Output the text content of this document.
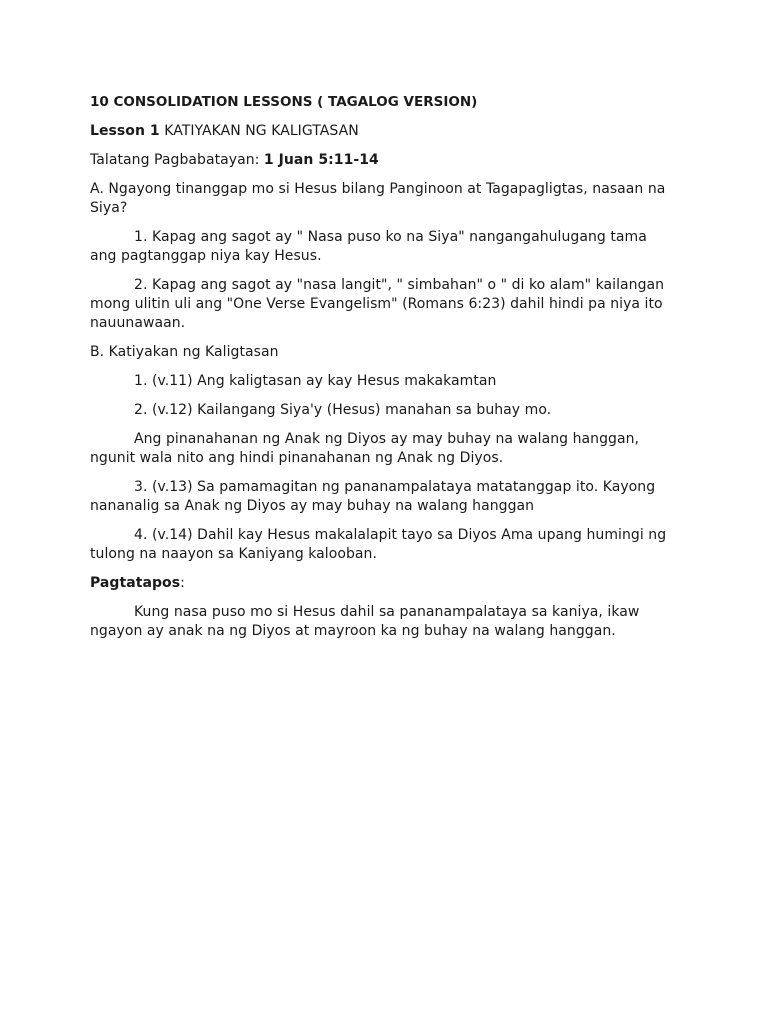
10 CONSOLIDATION LESSONS ( TAGALOG VERSION)
Lesson 1 KATIYAKAN NG KALIGTASAN
Talatang Pagbabatayan: 1 Juan 5:11-14
A. Ngayong tinanggap mo si Hesus bilang Panginoon at Tagapagligtas, nasaan na Siya?
1. Kapag ang sagot ay " Nasa puso ko na Siya" nangangahulugang tama ang pagtanggap niya kay Hesus.
2. Kapag ang sagot ay "nasa langit", " simbahan" o " di ko alam" kailangan mong ulitin uli ang "One Verse Evangelism" (Romans 6:23) dahil hindi pa niya ito nauunawaan.
B. Katiyakan ng Kaligtasan
1. (v.11) Ang kaligtasan ay kay Hesus makakamtan
2. (v.12) Kailangang Siya'y (Hesus) manahan sa buhay mo.
Ang pinanahanan ng Anak ng Diyos ay may buhay na walang hanggan, ngunit wala nito ang hindi pinanahanan ng Anak ng Diyos.
3. (v.13) Sa pamamagitan ng pananampalataya matatanggap ito. Kayong nananalig sa Anak ng Diyos ay may buhay na walang hanggan
4. (v.14) Dahil kay Hesus makalalapit tayo sa Diyos Ama upang humingi ng tulong na naayon sa Kaniyang kalooban.
Pagtatapos:
Kung nasa puso mo si Hesus dahil sa pananampalataya sa kaniya, ikaw ngayon ay anak na ng Diyos at mayroon ka ng buhay na walang hanggan.
